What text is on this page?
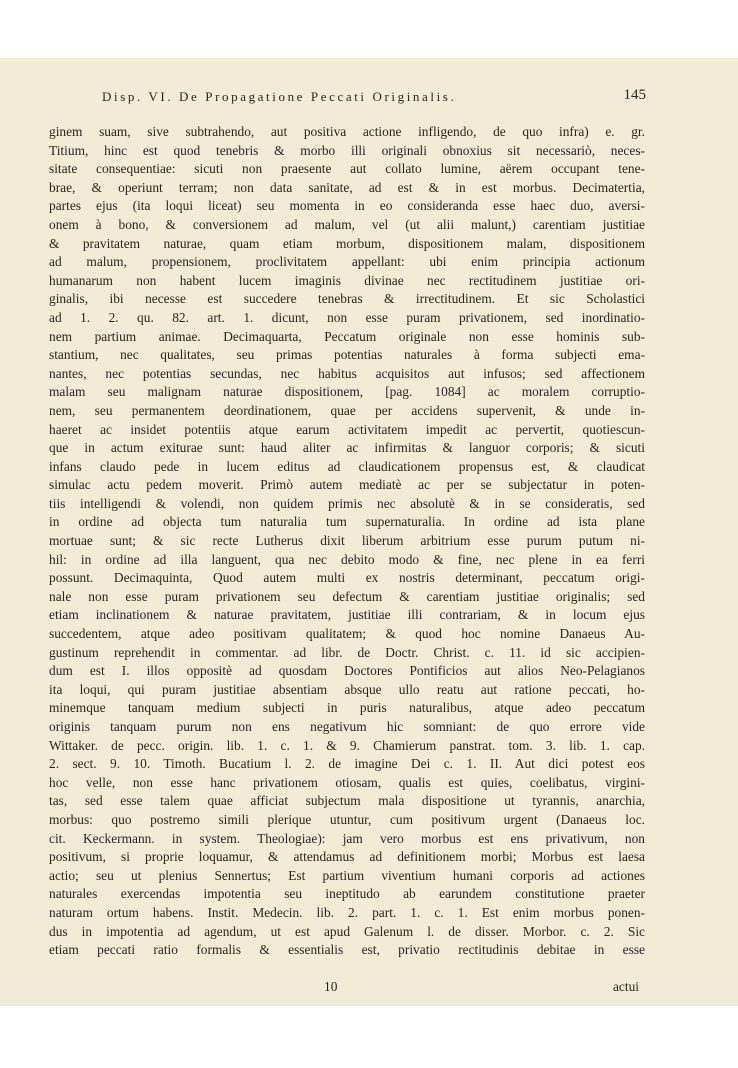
Disp. VI. De Propagatione Peccati Originalis.	145
ginem suam, sive subtrahendo, aut positiva actione infligendo, de quo infra) e. gr.
Titium, hinc est quod tenebris & morbo illi originali obnoxius sit necessariò, neces-
sitate consequentiae: sicuti non praesente aut collato lumine, aërem occupant tene-
brae, & operiunt terram; non data sanitate, ad est & in est morbus. Decimatertia,
partes ejus (ita loqui liceat) seu momenta in eo consideranda esse haec duo, aversi-
onem à bono, & conversionem ad malum, vel (ut alii malunt,) carentiam justitiae
& pravitatem naturae, quam etiam morbum, dispositionem malam, dispositionem
ad malum, propensionem, proclivitatem appellant: ubi enim principia actionum
humanarum non habent lucem imaginis divinae nec rectitudinem justitiae ori-
ginalis, ibi necesse est succedere tenebras & irrectitudinem. Et sic Scholastici
ad 1. 2. qu. 82. art. 1. dicunt, non esse puram privationem, sed inordinatio-
nem partium animae. Decimaquarta, Peccatum originale non esse hominis sub-
stantium, nec qualitates, seu primas potentias naturales à forma subjecti ema-
nantes, nec potentias secundas, nec habitus acquisitos aut infusos; sed affectionem
malam seu malignam naturae dispositionem, [pag. 1084] ac moralem corruptio-
nem, seu permanentem deordinationem, quae per accidens supervenit, & unde in-
haeret ac insidet potentiis atque earum activitatem impedit ac pervertit, quotiescun-
que in actum exiturae sunt: haud aliter ac infirmitas & languor corporis; & sicuti
infans claudo pede in lucem editus ad claudicationem propensus est, & claudicat
simulac actu pedem moverit. Primò autem mediatè ac per se subjectatur in poten-
tiis intelligendi & volendi, non quidem primis nec absolutè & in se consideratis, sed
in ordine ad objecta tum naturalia tum supernaturalia. In ordine ad ista plane
mortuae sunt; & sic recte Lutherus dixit liberum arbitrium esse purum putum ni-
hil: in ordine ad illa languent, qua nec debito modo & fine, nec plene in ea ferri
possunt. Decimaquinta, Quod autem multi ex nostris determinant, peccatum origi-
nale non esse puram privationem seu defectum & carentiam justitiae originalis; sed
etiam inclinationem & naturae pravitatem, justitiae illi contrariam, & in locum ejus
succedentem, atque adeo positivam qualitatem; & quod hoc nomine Danaeus Au-
gustinum reprehendit in commentar. ad libr. de Doctr. Christ. c. 11. id sic accipien-
dum est I. illos oppositè ad quosdam Doctores Pontificios aut alios Neo-Pelagianos
ita loqui, qui puram justitiae absentiam absque ullo reatu aut ratione peccati, ho-
minemque tanquam medium subjecti in puris naturalibus, atque adeo peccatum
originis tanquam purum non ens negativum hic somniant: de quo errore vide
Wittaker. de pecc. origin. lib. 1. c. 1. & 9. Chamierum panstrat. tom. 3. lib. 1. cap.
2. sect. 9. 10. Timoth. Bucatium l. 2. de imagine Dei c. 1. II. Aut dici potest eos
hoc velle, non esse hanc privationem otiosam, qualis est quies, coelibatus, virgini-
tas, sed esse talem quae afficiat subjectum mala dispositione ut tyrannis, anarchia,
morbus: quo postremo simili plerique utuntur, cum positivum urgent (Danaeus loc.
cit. Keckermann. in system. Theologiae): jam vero morbus est ens privativum, non
positivum, si proprie loquamur, & attendamus ad definitionem morbi; Morbus est laesa
actio; seu ut plenius Sennertus; Est partium viventium humani corporis ad actiones
naturales exercendas impotentia seu ineptitudo ab earundem constitutione praeter
naturam ortum habens. Instit. Medecin. lib. 2. part. 1. c. 1. Est enim morbus ponen-
dus in impotentia ad agendum, ut est apud Galenum l. de disser. Morbor. c. 2. Sic
etiam peccati ratio formalis & essentialis est, privatio rectitudinis debitae in esse
10	actui
